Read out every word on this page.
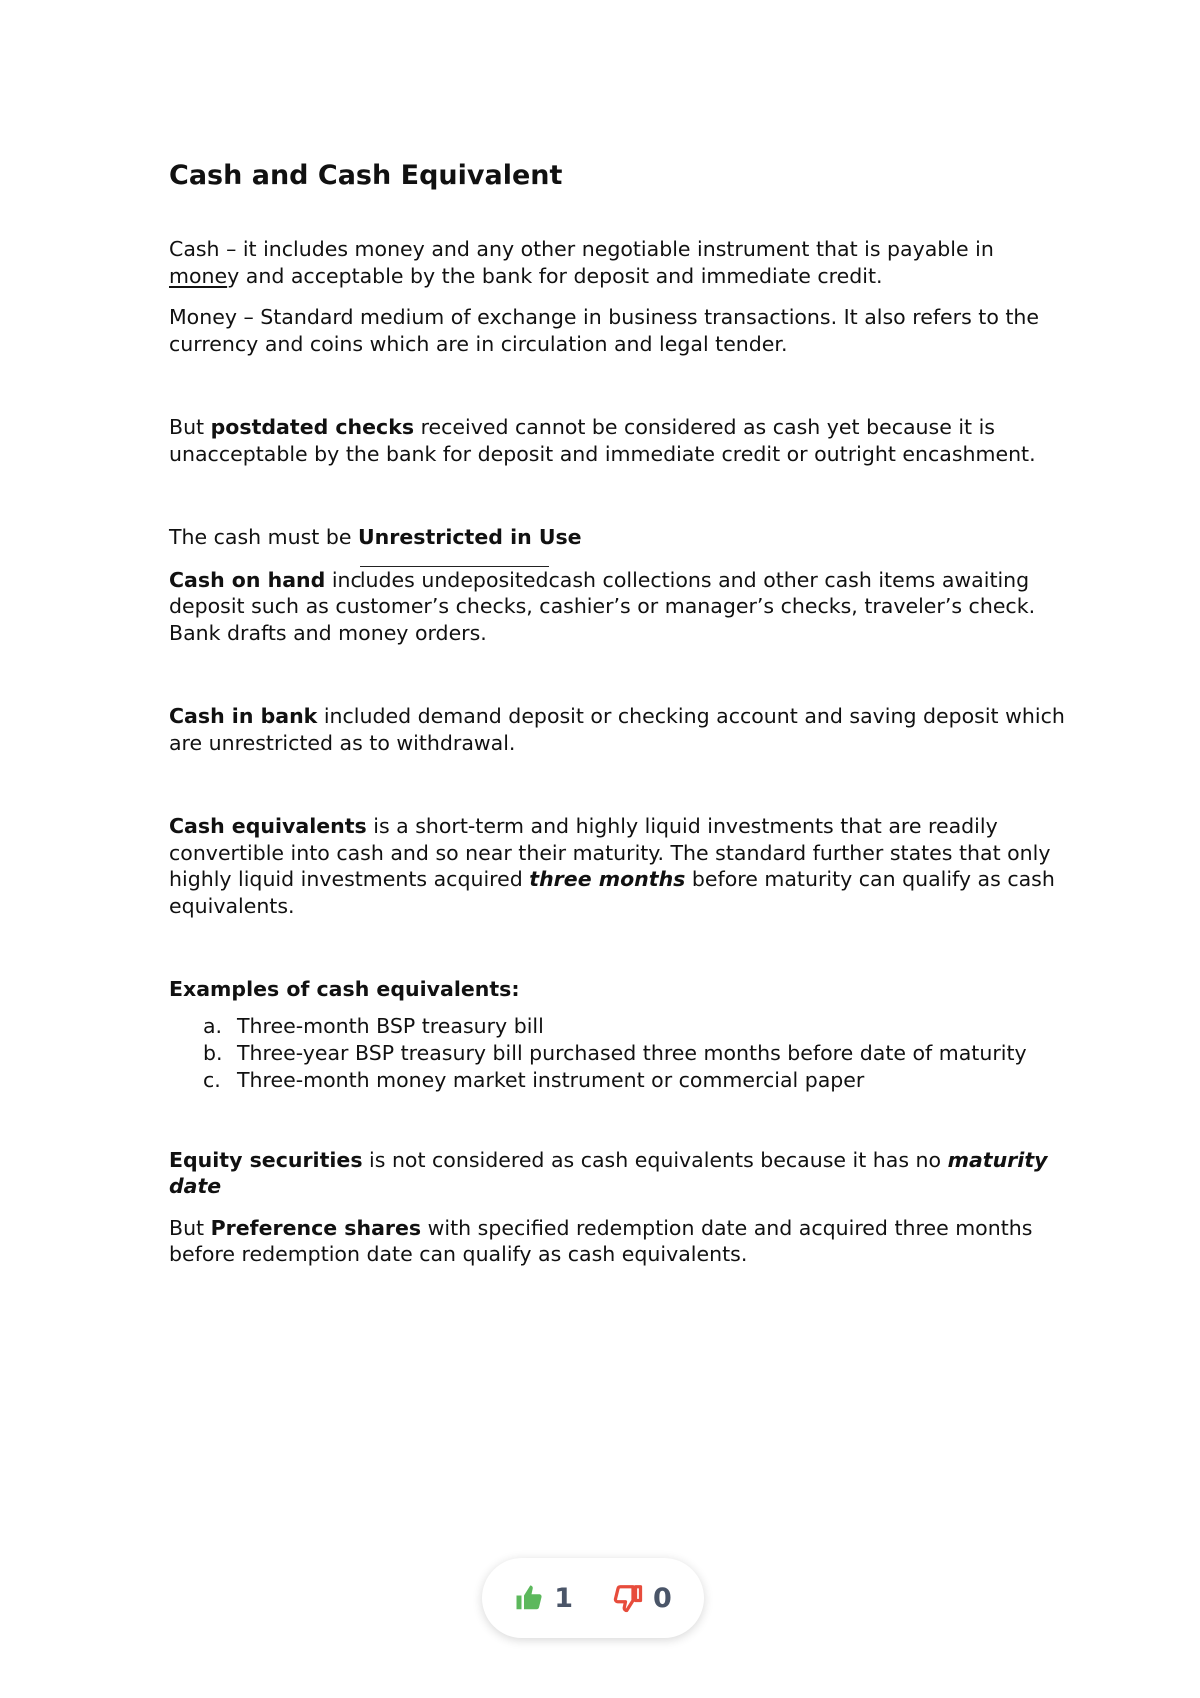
Cash and Cash Equivalent

Cash – it includes money and any other negotiable instrument that is payable in money and acceptable by the bank for deposit and immediate credit.

Money – Standard medium of exchange in business transactions. It also refers to the currency and coins which are in circulation and legal tender.

But postdated checks received cannot be considered as cash yet because it is unacceptable by the bank for deposit and immediate credit or outright encashment.

The cash must be Unrestricted in Use

Cash on hand includes undepositedcash collections and other cash items awaiting deposit such as customer’s checks, cashier’s or manager’s checks, traveler’s check. Bank drafts and money orders.

Cash in bank included demand deposit or checking account and saving deposit which are unrestricted as to withdrawal.

Cash equivalents is a short-term and highly liquid investments that are readily convertible into cash and so near their maturity. The standard further states that only highly liquid investments acquired three months before maturity can qualify as cash equivalents.

Examples of cash equivalents:

a. Three-month BSP treasury bill
b. Three-year BSP treasury bill purchased three months before date of maturity
c. Three-month money market instrument or commercial paper

Equity securities is not considered as cash equivalents because it has no maturity date

But Preference shares with specified redemption date and acquired three months before redemption date can qualify as cash equivalents.

1	0
